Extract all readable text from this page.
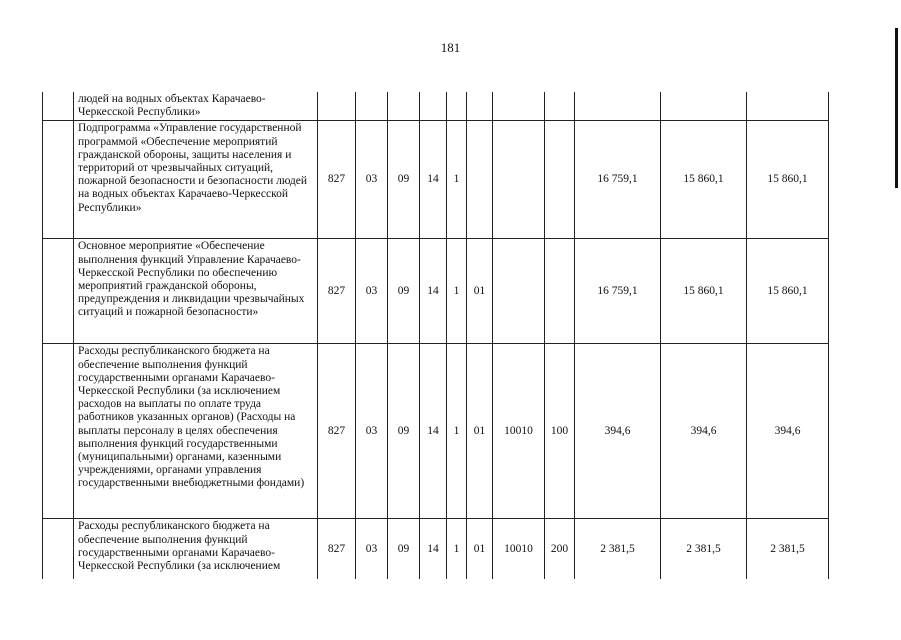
181
	людей на водных объектах Карачаево-Черкесской Республики»											
	Подпрограмма «Управление государственной программой «Обеспечение мероприятий гражданской обороны, защиты населения и территорий от чрезвычайных ситуаций, пожарной безопасности и безопасности людей на водных объектах Карачаево-Черкесской Республики»	827	03	09	14	1				16 759,1	15 860,1	15 860,1
	Основное мероприятие «Обеспечение выполнения функций Управление Карачаево-Черкесской Республики по обеспечению мероприятий гражданской обороны, предупреждения и ликвидации чрезвычайных ситуаций и пожарной безопасности»	827	03	09	14	1	01			16 759,1	15 860,1	15 860,1
	Расходы республиканского бюджета на обеспечение выполнения функций государственными органами Карачаево-Черкесской Республики (за исключением расходов на выплаты по оплате труда работников указанных органов) (Расходы на выплаты персоналу в целях обеспечения выполнения функций государственными (муниципальными) органами, казенными учреждениями, органами управления государственными внебюджетными фондами)	827	03	09	14	1	01	10010	100	394,6	394,6	394,6
	Расходы республиканского бюджета на обеспечение выполнения функций государственными органами Карачаево-Черкесской Республики (за исключением	827	03	09	14	1	01	10010	200	2 381,5	2 381,5	2 381,5
